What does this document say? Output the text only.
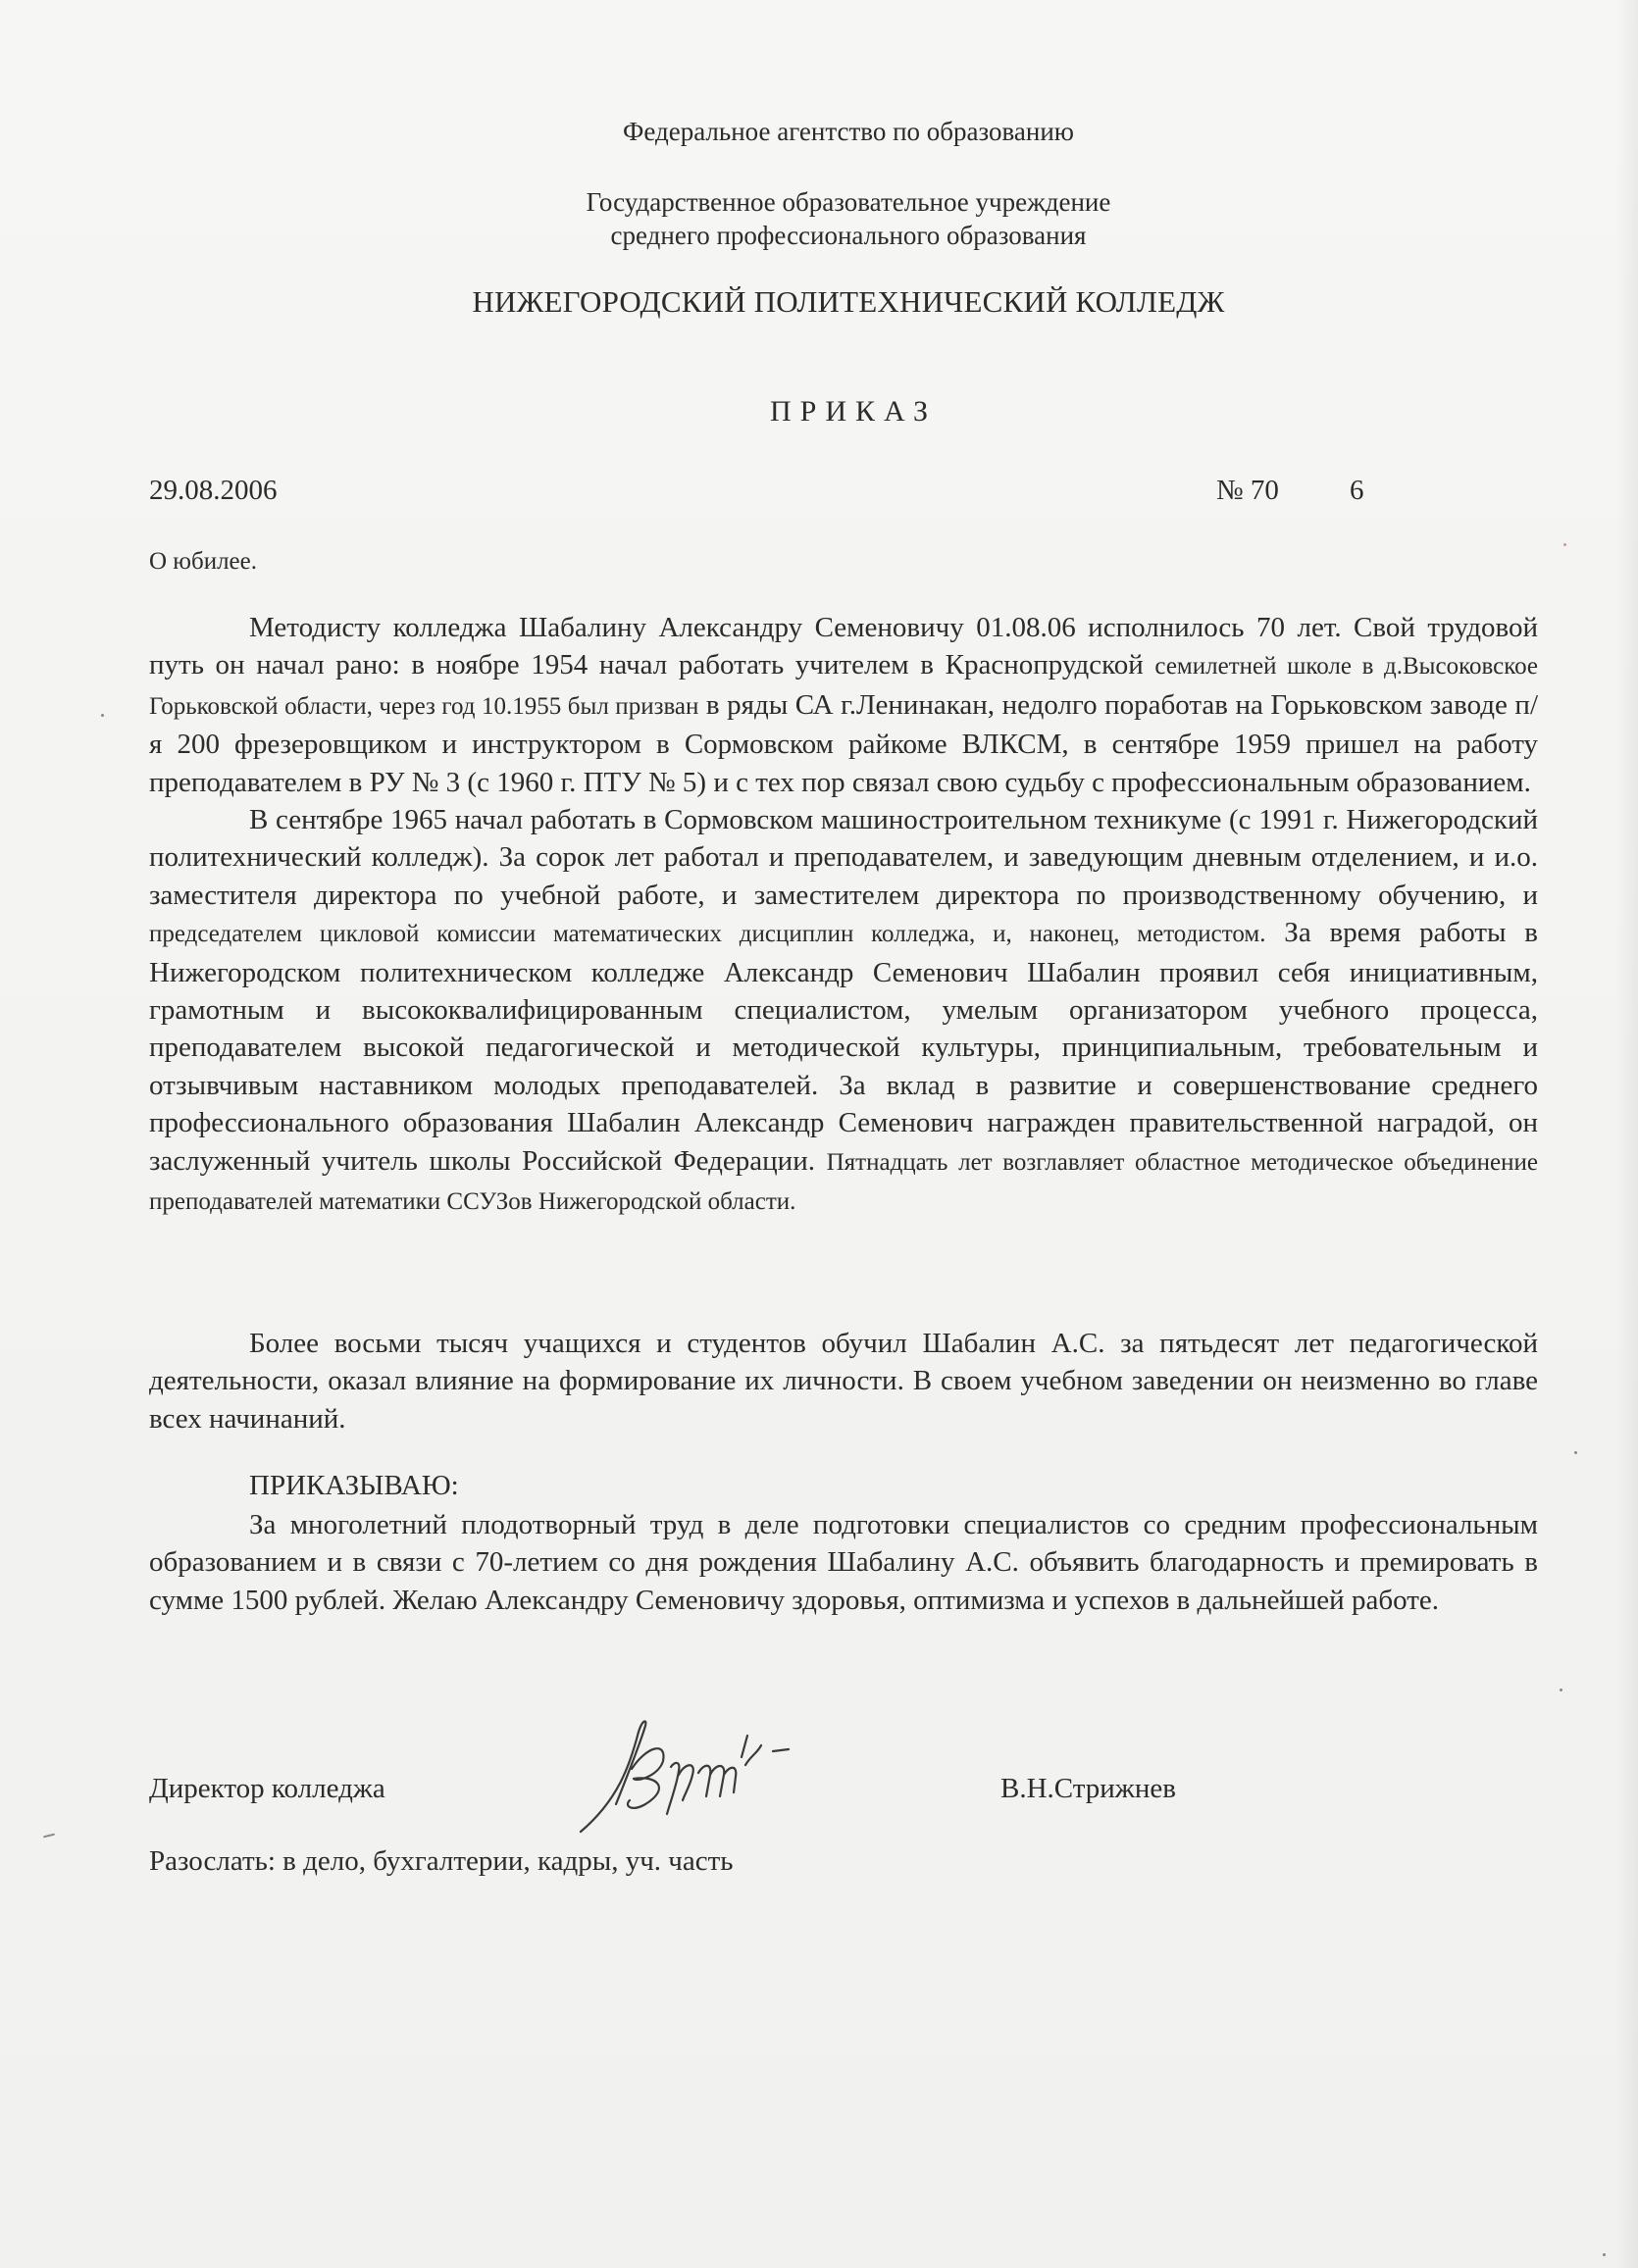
Федеральное агентство по образованию
Государственное образовательное учреждение
среднего профессионального образования
НИЖЕГОРОДСКИЙ ПОЛИТЕХНИЧЕСКИЙ КОЛЛЕДЖ
ПРИКАЗ
29.08.2006	№ 70 6
О юбилее.

Методисту колледжа Шабалину Александру Семеновичу 01.08.06 исполнилось 70 лет. Свой трудовой путь он начал рано: в ноябре 1954 начал работать учителем в Краснопрудской семилетней школе в д.Высоковское Горьковской области, через год 10.1955 был призван в ряды СА г.Ленинакан, недолго поработав на Горьковском заводе п/я 200 фрезеровщиком и инструктором в Сормовском райкоме ВЛКСМ, в сентябре 1959 пришел на работу преподавателем в РУ № 3 (с 1960 г. ПТУ № 5) и с тех пор связал свою судьбу с профессиональным образованием.

В сентябре 1965 начал работать в Сормовском машиностроительном техникуме (с 1991 г. Нижегородский политехнический колледж). За сорок лет работал и преподавателем, и заведующим дневным отделением, и и.о. заместителя директора по учебной работе, и заместителем директора по производственному обучению, и председателем цикловой комиссии математических дисциплин колледжа, и, наконец, методистом. За время работы в Нижегородском политехническом колледже Александр Семенович Шабалин проявил себя инициативным, грамотным и высококвалифицированным специалистом, умелым организатором учебного процесса, преподавателем высокой педагогической и методической культуры, принципиальным, требовательным и отзывчивым наставником молодых преподавателей. За вклад в развитие и совершенствование среднего профессионального образования Шабалин Александр Семенович награжден правительственной наградой, он заслуженный учитель школы Российской Федерации. Пятнадцать лет возглавляет областное методическое объединение преподавателей математики ССУЗов Нижегородской области.

Более восьми тысяч учащихся и студентов обучил Шабалин А.С. за пятьдесят лет педагогической деятельности, оказал влияние на формирование их личности. В своем учебном заведении он неизменно во главе всех начинаний.

ПРИКАЗЫВАЮ:

За многолетний плодотворный труд в деле подготовки специалистов со средним профессиональным образованием и в связи с 70-летием со дня рождения Шабалину А.С. объявить благодарность и премировать в сумме 1500 рублей. Желаю Александру Семеновичу здоровья, оптимизма и успехов в дальнейшей работе.

Директор колледжа	В.Н.Стрижнев
Разослать: в дело, бухгалтерии, кадры, уч. часть
